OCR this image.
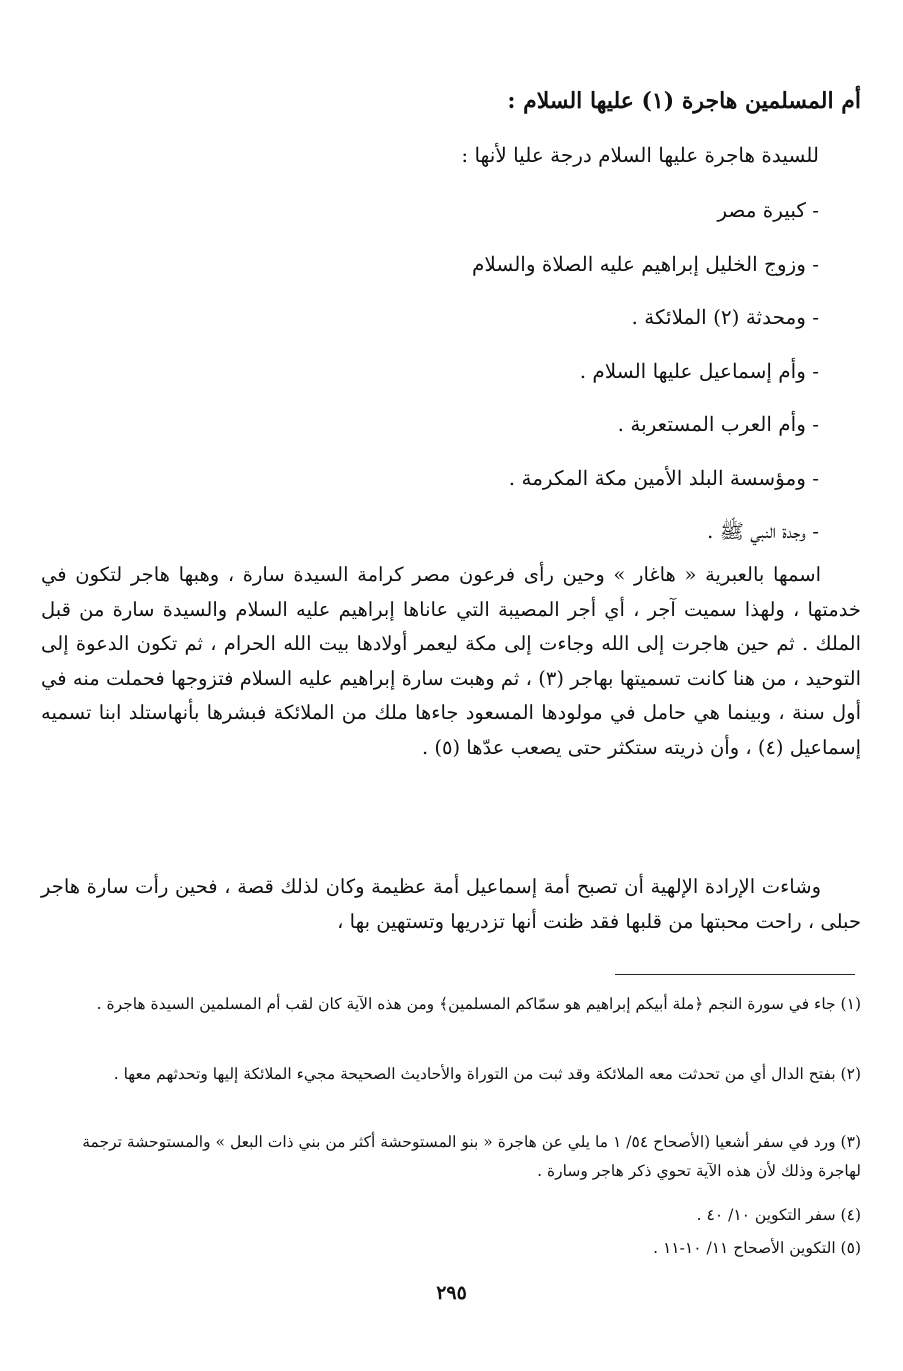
أم المسلمين هاجرة (١) عليها السلام :
للسيدة هاجرة عليها السلام درجة عليا لأنها :
- كبيرة مصر
- وزوج الخليل إبراهيم عليه الصلاة والسلام
- ومحدثة (٢) الملائكة .
- وأم إسماعيل عليها السلام .
- وأم العرب المستعربة .
- ومؤسسة البلد الأمين مكة المكرمة .
- وجدة النبي ﷺ .

اسمها بالعبرية « هاغار » وحين رأى فرعون مصر كرامة السيدة سارة ، وهبها هاجر لتكون في خدمتها ، ولهذا سميت آجر ، أي أجر المصيبة التي عاناها إبراهيم عليه السلام والسيدة سارة من قبل الملك . ثم حين هاجرت إلى الله وجاءت إلى مكة ليعمر أولادها بيت الله الحرام ، ثم تكون الدعوة إلى التوحيد ، من هنا كانت تسميتها بهاجر (٣) ، ثم وهبت سارة إبراهيم عليه السلام فتزوجها فحملت منه في أول سنة ، وبينما هي حامل في مولودها المسعود جاءها ملك من الملائكة فبشرها بأنهاستلد ابنا تسميه إسماعيل (٤) ، وأن ذريته ستكثر حتى يصعب عدّها (٥) .

وشاءت الإرادة الإلهية أن تصبح أمة إسماعيل أمة عظيمة وكان لذلك قصة ، فحين رأت سارة هاجر حبلى ، راحت محبتها من قلبها فقد ظنت أنها تزدريها وتستهين بها ،

(١) جاء في سورة النجم ﴿ملة أبيكم إبراهيم هو سمّاكم المسلمين﴾ ومن هذه الآية كان لقب أم المسلمين السيدة هاجرة .

(٢) بفتح الدال أي من تحدثت معه الملائكة وقد ثبت من التوراة والأحاديث الصحيحة مجيء الملائكة إليها وتحدثهم معها .

(٣) ورد في سفر أشعيا (الأصحاح ٥٤/ ١ ما يلي عن هاجرة « بنو المستوحشة أكثر من بني ذات البعل » والمستوحشة ترجمة لهاجرة وذلك لأن هذه الآية تحوي ذكر هاجر وسارة .

(٤) سفر التكوين ١٠/ ٤٠ .

(٥) التكوين الأصحاح ١١/ ١٠-١١ .

٢٩٥
